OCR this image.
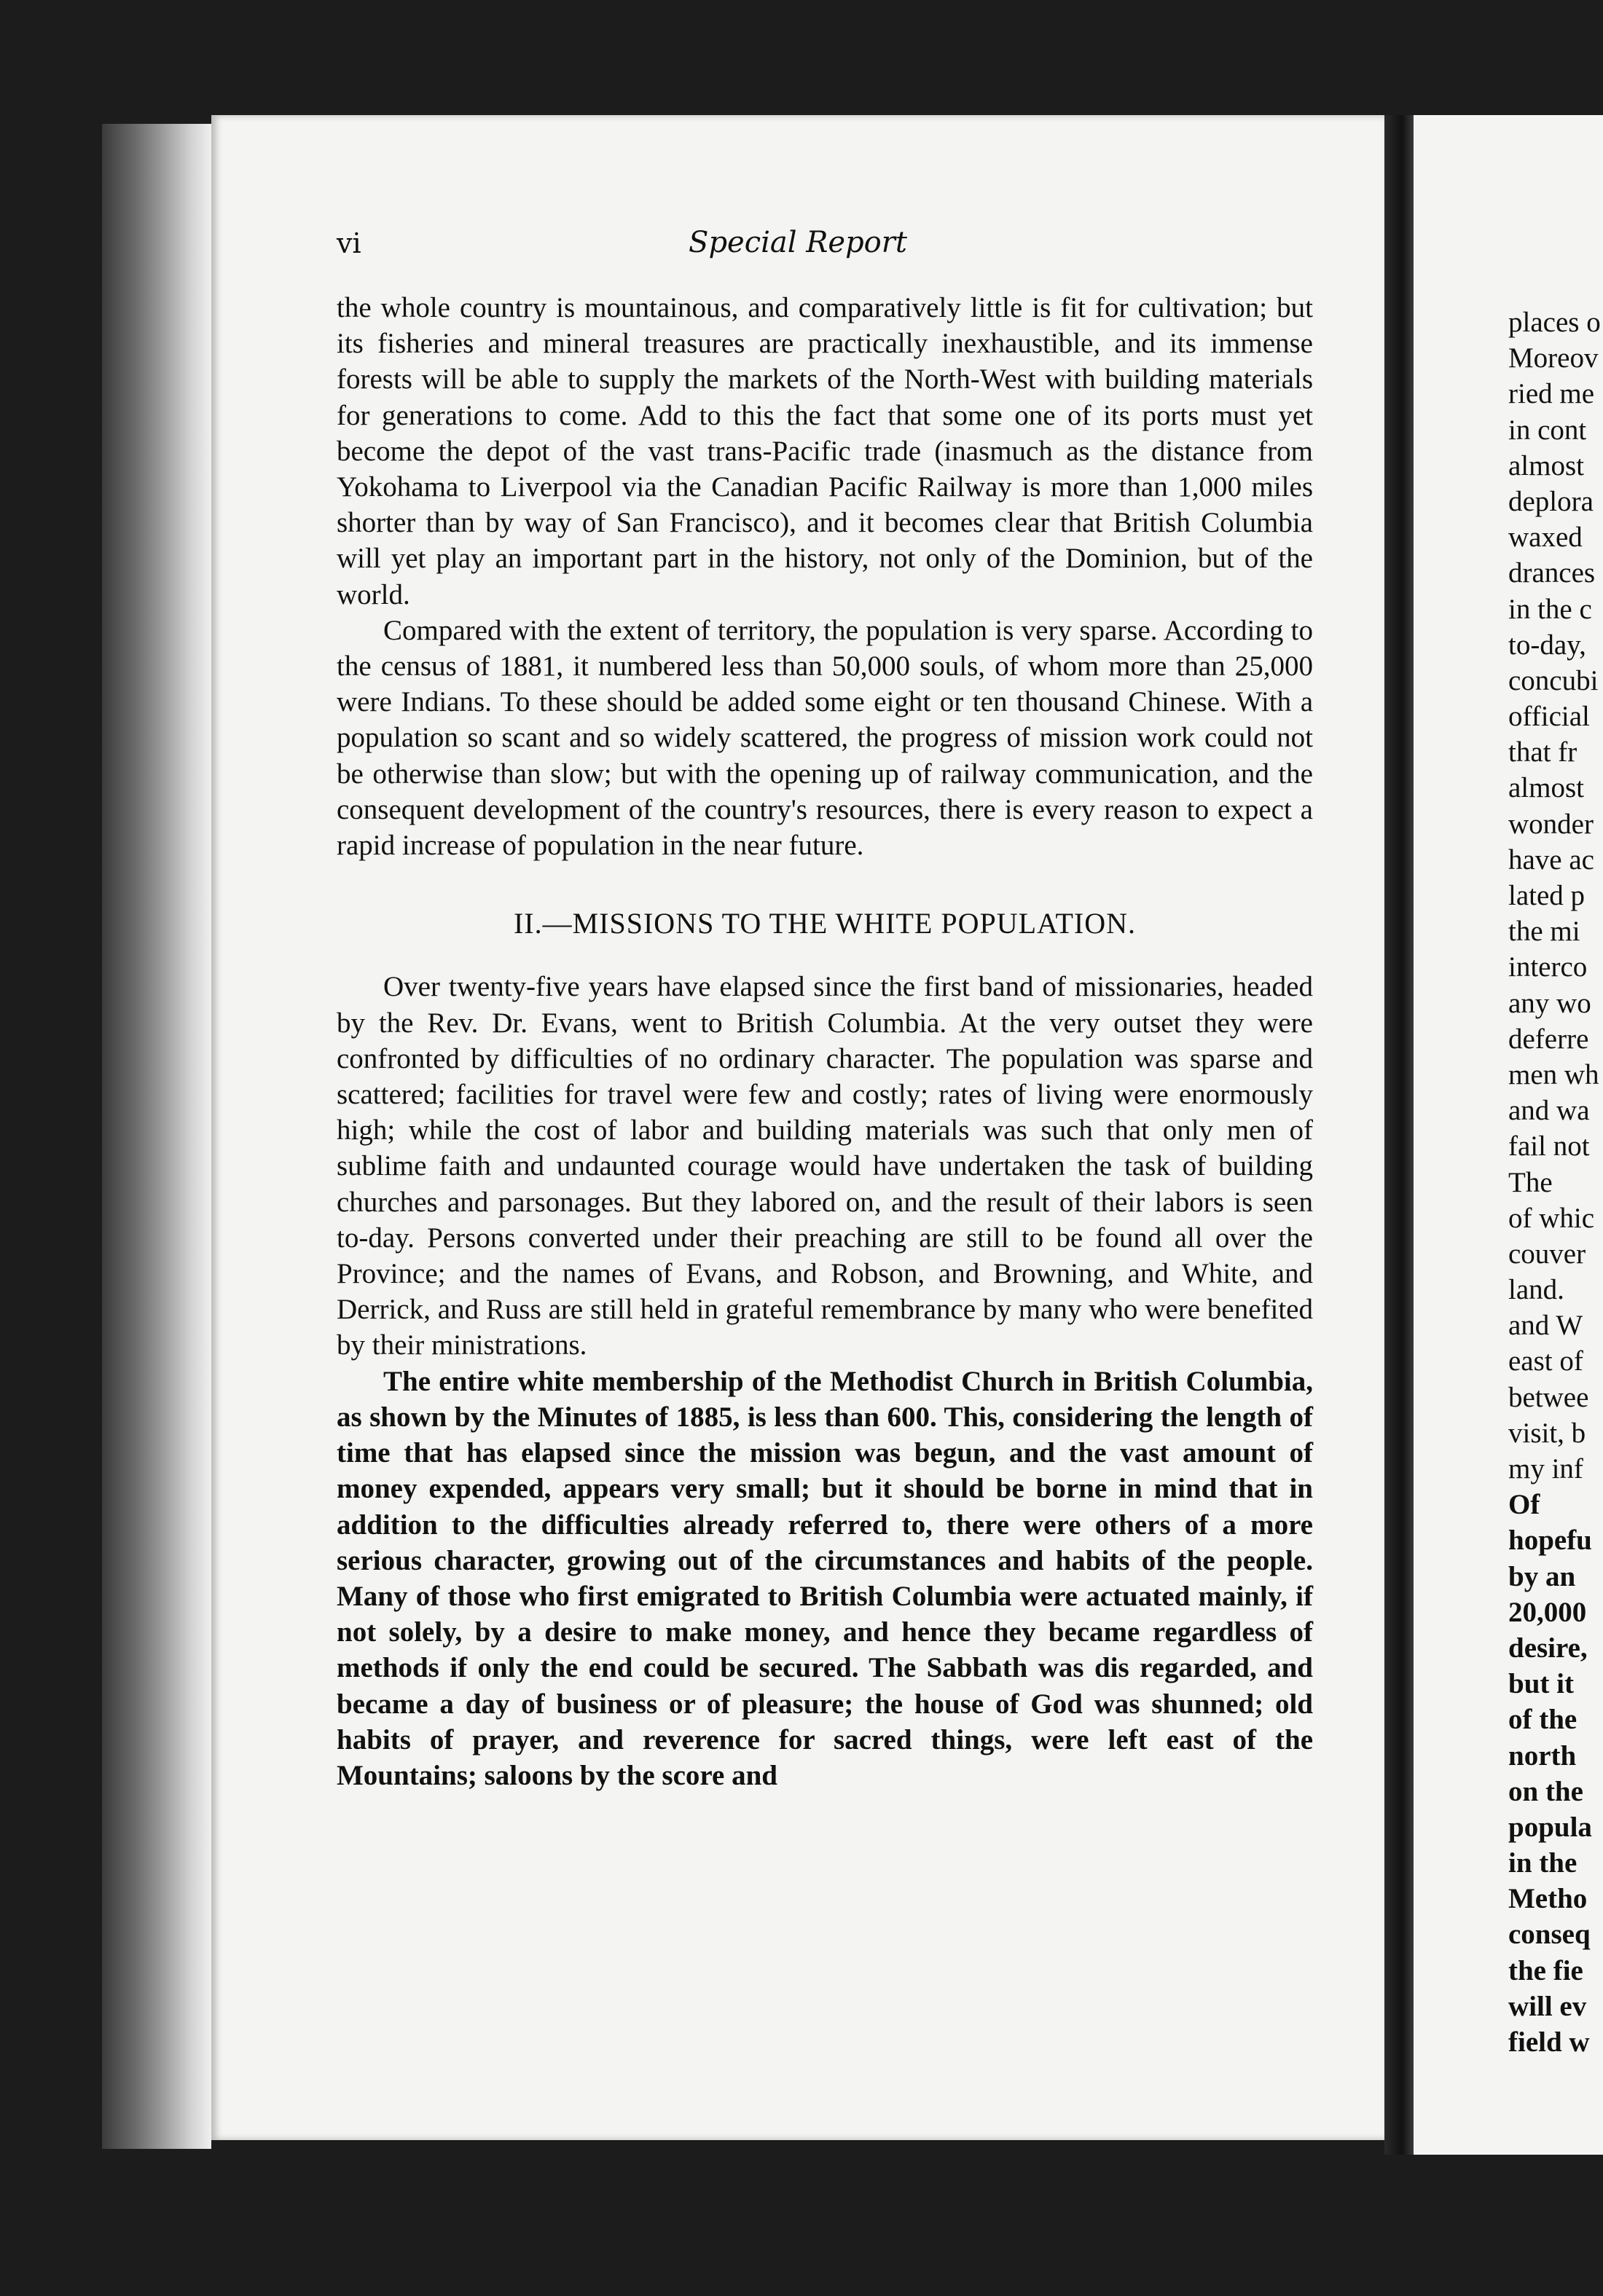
vi	Special Report

the whole country is mountainous, and comparatively little is fit for cultivation; but its fisheries and mineral treasures are practically inexhaustible, and its immense forests will be able to supply the markets of the North-West with building materials for generations to come. Add to this the fact that some one of its ports must yet become the depot of the vast trans-Pacific trade (inasmuch as the distance from Yokohama to Liverpool via the Canadian Pacific Railway is more than 1,000 miles shorter than by way of San Francisco), and it becomes clear that British Columbia will yet play an important part in the history, not only of the Dominion, but of the world.

Compared with the extent of territory, the population is very sparse. According to the census of 1881, it numbered less than 50,000 souls, of whom more than 25,000 were Indians. To these should be added some eight or ten thousand Chinese. With a population so scant and so widely scattered, the progress of mission work could not be otherwise than slow; but with the opening up of railway communication, and the consequent development of the country's resources, there is every reason to expect a rapid increase of population in the near future.

II.—MISSIONS TO THE WHITE POPULATION.

Over twenty-five years have elapsed since the first band of missionaries, headed by the Rev. Dr. Evans, went to British Columbia. At the very outset they were confronted by difficulties of no ordinary character. The population was sparse and scattered; facilities for travel were few and costly; rates of living were enormously high; while the cost of labor and building materials was such that only men of sublime faith and undaunted courage would have undertaken the task of building churches and parsonages. But they labored on, and the result of their labors is seen to-day. Persons converted under their preaching are still to be found all over the Province; and the names of Evans, and Robson, and Browning, and White, and Derrick, and Russ are still held in grateful remembrance by many who were benefited by their ministrations.

The entire white membership of the Methodist Church in British Columbia, as shown by the Minutes of 1885, is less than 600. This, considering the length of time that has elapsed since the mission was begun, and the vast amount of money expended, appears very small; but it should be borne in mind that in addition to the difficulties already referred to, there were others of a more serious character, growing out of the circumstances and habits of the people. Many of those who first emigrated to British Columbia were actuated mainly, if not solely, by a desire to make money, and hence they became regardless of methods if only the end could be secured. The Sabbath was dis regarded, and became a day of business or of pleasure; the house of God was shunned; old habits of prayer, and reverence for sacred things, were left east of the Mountains; saloons by the score and

places o
Moreov
ried me
in cont
almost
deplora
waxed
drances
in the c
to-day,
concubi
official
that fr
almost
wonder
have ac
lated p
the mi
interco
any wo
deferre
men wh
and wa
fail not
The
of whic
couver
land.
and W
east of
betwee
visit, b
my inf
Of
hopefu
by an
20,000
desire,
but it
of the
north
on the
popula
in the
Metho
conseq
the fie
will ev
field w
